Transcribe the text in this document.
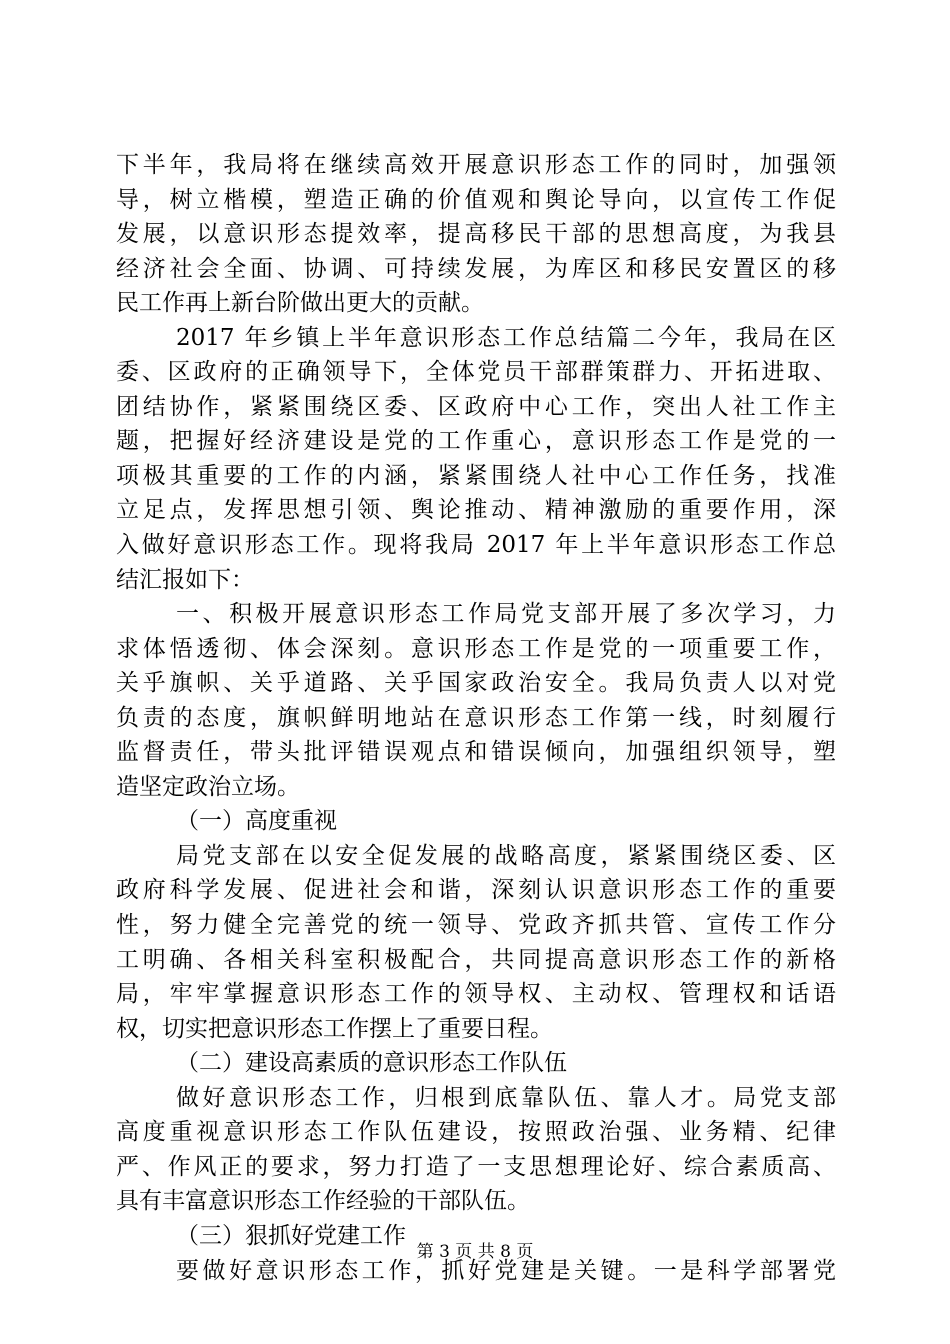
下半年，我局将在继续高效开展意识形态工作的同时，加强领
导，树立楷模，塑造正确的价值观和舆论导向，以宣传工作促
发展，以意识形态提效率，提高移民干部的思想高度，为我县
经济社会全面、协调、可持续发展，为库区和移民安置区的移
民工作再上新台阶做出更大的贡献。
2017 年乡镇上半年意识形态工作总结篇二今年，我局在区
委、区政府的正确领导下，全体党员干部群策群力、开拓进取、
团结协作，紧紧围绕区委、区政府中心工作，突出人社工作主
题，把握好经济建设是党的工作重心，意识形态工作是党的一
项极其重要的工作的内涵，紧紧围绕人社中心工作任务，找准
立足点，发挥思想引领、舆论推动、精神激励的重要作用，深
入做好意识形态工作。现将我局 2017 年上半年意识形态工作总
结汇报如下：
一、积极开展意识形态工作局党支部开展了多次学习，力
求体悟透彻、体会深刻。意识形态工作是党的一项重要工作，
关乎旗帜、关乎道路、关乎国家政治安全。我局负责人以对党
负责的态度，旗帜鲜明地站在意识形态工作第一线，时刻履行
监督责任，带头批评错误观点和错误倾向，加强组织领导，塑
造坚定政治立场。
（一）高度重视
局党支部在以安全促发展的战略高度，紧紧围绕区委、区
政府科学发展、促进社会和谐，深刻认识意识形态工作的重要
性，努力健全完善党的统一领导、党政齐抓共管、宣传工作分
工明确、各相关科室积极配合，共同提高意识形态工作的新格
局，牢牢掌握意识形态工作的领导权、主动权、管理权和话语
权，切实把意识形态工作摆上了重要日程。
（二）建设高素质的意识形态工作队伍
做好意识形态工作，归根到底靠队伍、靠人才。局党支部
高度重视意识形态工作队伍建设，按照政治强、业务精、纪律
严、作风正的要求，努力打造了一支思想理论好、综合素质高、
具有丰富意识形态工作经验的干部队伍。
（三）狠抓好党建工作
要做好意识形态工作，抓好党建是关键。一是科学部署党
第 3 页 共 8 页
